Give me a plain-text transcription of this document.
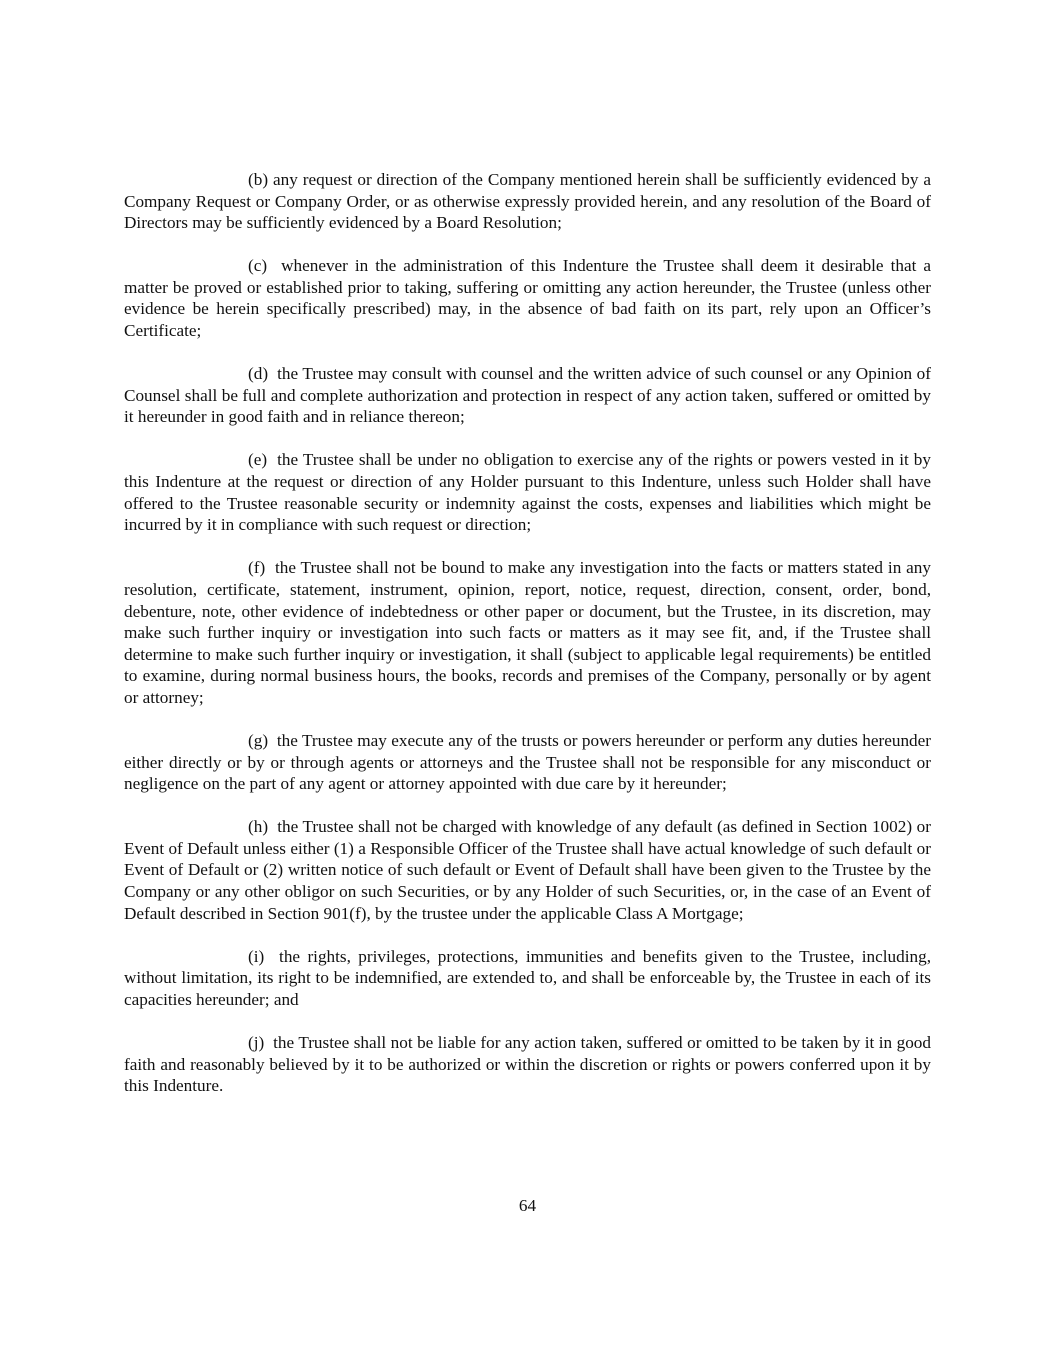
(b) any request or direction of the Company mentioned herein shall be sufficiently evidenced by a Company Request or Company Order, or as otherwise expressly provided herein, and any resolution of the Board of Directors may be sufficiently evidenced by a Board Resolution;

(c)  whenever in the administration of this Indenture the Trustee shall deem it desirable that a matter be proved or established prior to taking, suffering or omitting any action hereunder, the Trustee (unless other evidence be herein specifically prescribed) may, in the absence of bad faith on its part, rely upon an Officer’s Certificate;

(d)  the Trustee may consult with counsel and the written advice of such counsel or any Opinion of Counsel shall be full and complete authorization and protection in respect of any action taken, suffered or omitted by it hereunder in good faith and in reliance thereon;

(e)  the Trustee shall be under no obligation to exercise any of the rights or powers vested in it by this Indenture at the request or direction of any Holder pursuant to this Indenture, unless such Holder shall have offered to the Trustee reasonable security or indemnity against the costs, expenses and liabilities which might be incurred by it in compliance with such request or direction;

(f)  the Trustee shall not be bound to make any investigation into the facts or matters stated in any resolution, certificate, statement, instrument, opinion, report, notice, request, direction, consent, order, bond, debenture, note, other evidence of indebtedness or other paper or document, but the Trustee, in its discretion, may make such further inquiry or investigation into such facts or matters as it may see fit, and, if the Trustee shall determine to make such further inquiry or investigation, it shall (subject to applicable legal requirements) be entitled to examine, during normal business hours, the books, records and premises of the Company, personally or by agent or attorney;

(g)  the Trustee may execute any of the trusts or powers hereunder or perform any duties hereunder either directly or by or through agents or attorneys and the Trustee shall not be responsible for any misconduct or negligence on the part of any agent or attorney appointed with due care by it hereunder;

(h)  the Trustee shall not be charged with knowledge of any default (as defined in Section 1002) or Event of Default unless either (1) a Responsible Officer of the Trustee shall have actual knowledge of such default or Event of Default or (2) written notice of such default or Event of Default shall have been given to the Trustee by the Company or any other obligor on such Securities, or by any Holder of such Securities, or, in the case of an Event of Default described in Section 901(f), by the trustee under the applicable Class A Mortgage;

(i)  the rights, privileges, protections, immunities and benefits given to the Trustee, including, without limitation, its right to be indemnified, are extended to, and shall be enforceable by, the Trustee in each of its capacities hereunder; and

(j)  the Trustee shall not be liable for any action taken, suffered or omitted to be taken by it in good faith and reasonably believed by it to be authorized or within the discretion or rights or powers conferred upon it by this Indenture.

64
